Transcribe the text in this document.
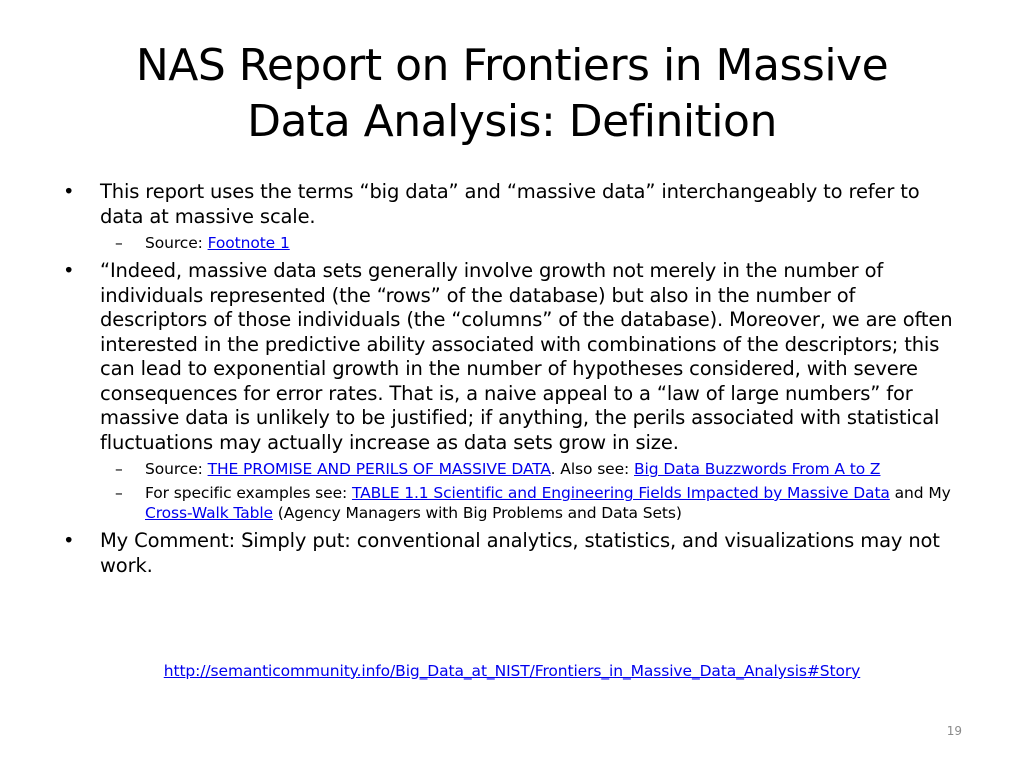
NAS Report on Frontiers in Massive
Data Analysis: Definition
• This report uses the terms “big data” and “massive data” interchangeably to refer to data at massive scale.
– Source: Footnote 1
• “Indeed, massive data sets generally involve growth not merely in the number of individuals represented (the “rows” of the database) but also in the number of descriptors of those individuals (the “columns” of the database). Moreover, we are often interested in the predictive ability associated with combinations of the descriptors; this can lead to exponential growth in the number of hypotheses considered, with severe consequences for error rates. That is, a naive appeal to a “law of large numbers” for massive data is unlikely to be justified; if anything, the perils associated with statistical fluctuations may actually increase as data sets grow in size.
– Source: THE PROMISE AND PERILS OF MASSIVE DATA. Also see: Big Data Buzzwords From A to Z
– For specific examples see: TABLE 1.1 Scientific and Engineering Fields Impacted by Massive Data and My Cross-Walk Table (Agency Managers with Big Problems and Data Sets)
• My Comment: Simply put: conventional analytics, statistics, and visualizations may not work.
http://semanticommunity.info/Big_Data_at_NIST/Frontiers_in_Massive_Data_Analysis#Story
19
